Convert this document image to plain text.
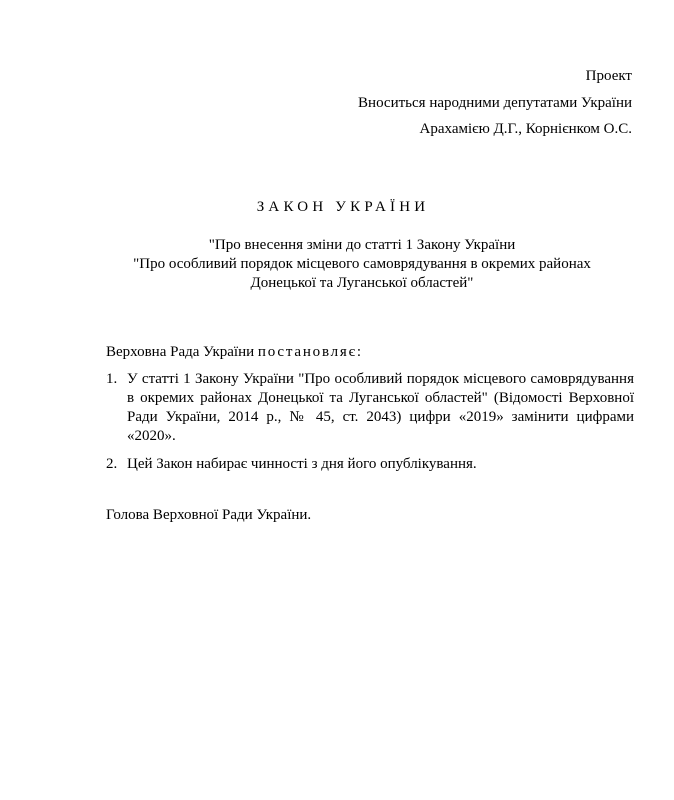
Проект
Вноситься народними депутатами України
Арахамією Д.Г., Корнієнком О.С.
ЗАКОН УКРАЇНИ
"Про внесення зміни до статті 1 Закону України
"Про особливий порядок місцевого самоврядування в окремих районах
Донецької та Луганської областей"
Верховна Рада України постановляє:
1. У статті 1 Закону України "Про особливий порядок місцевого самоврядування в окремих районах Донецької та Луганської областей" (Відомості Верховної Ради України, 2014 р., № 45, ст. 2043) цифри «2019» замінити цифрами «2020».
2. Цей Закон набирає чинності з дня його опублікування.
Голова Верховної Ради України.
